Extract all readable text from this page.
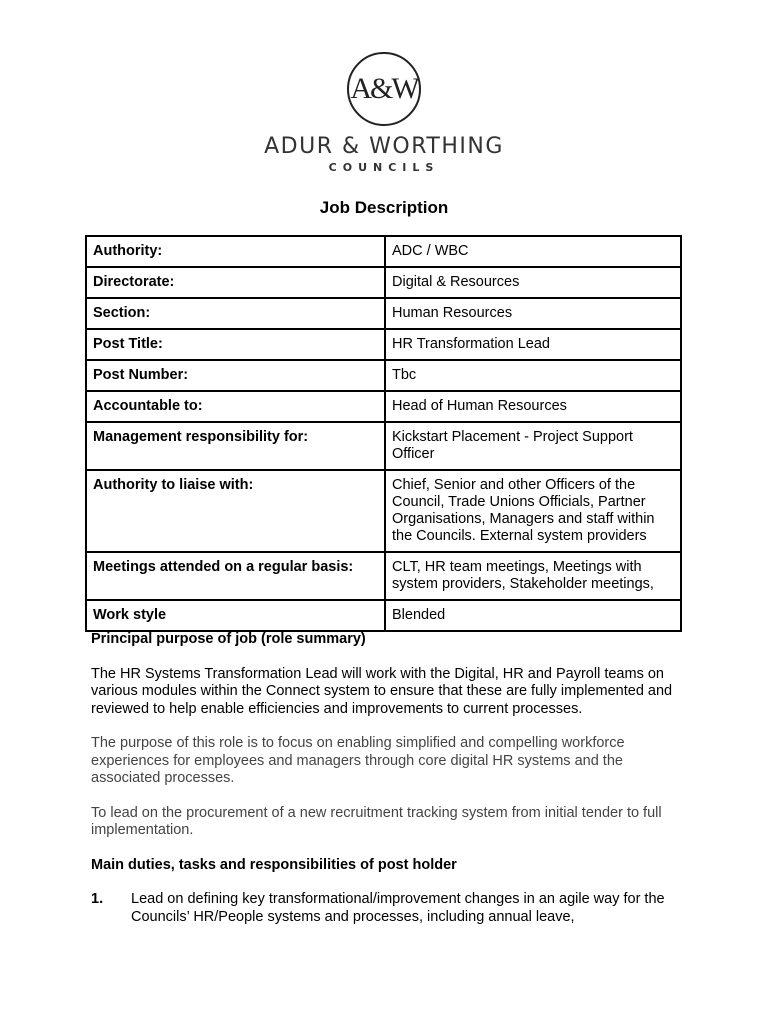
A&W
ADUR & WORTHING
COUNCILS
Job Description
Authority:	ADC / WBC
Directorate:	Digital & Resources
Section:	Human Resources
Post Title:	HR Transformation Lead
Post Number:	Tbc
Accountable to:	Head of Human Resources
Management responsibility for:	Kickstart Placement - Project Support Officer
Authority to liaise with:	Chief, Senior and other Officers of the Council, Trade Unions Officials, Partner Organisations, Managers and staff within the Councils. External system providers
Meetings attended on a regular basis:	CLT, HR team meetings, Meetings with system providers, Stakeholder meetings,
Work style	Blended
Principal purpose of job (role summary)

The HR Systems Transformation Lead will work with the Digital, HR and Payroll teams on various modules within the Connect system to ensure that these are fully implemented and reviewed to help enable efficiencies and improvements to current processes.

The purpose of this role is to focus on enabling simplified and compelling workforce experiences for employees and managers through core digital HR systems and the associated processes.

To lead on the procurement of a new recruitment tracking system from initial tender to full implementation.

Main duties, tasks and responsibilities of post holder
1.	Lead on defining key transformational/improvement changes in an agile way for the Councils’ HR/People systems and processes, including annual leave,
